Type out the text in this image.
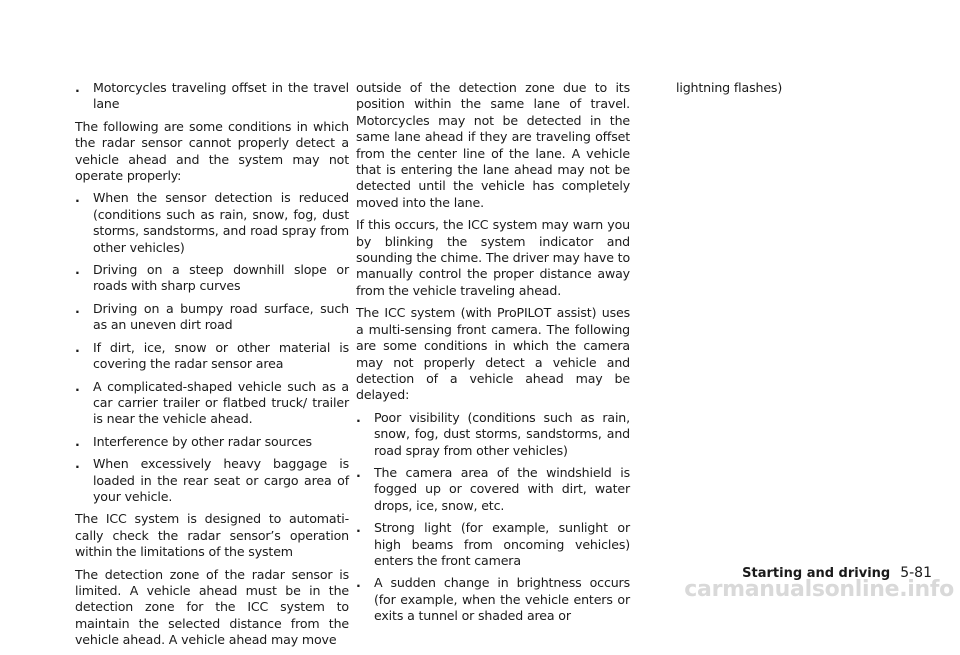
.	Motorcycles traveling offset in the travel lane

The following are some conditions in which the radar sensor cannot properly detect a vehicle ahead and the system may not operate properly:

.	When the sensor detection is reduced (conditions such as rain, snow, fog, dust storms, sandstorms, and road spray from other vehicles)
.	Driving on a steep downhill slope or roads with sharp curves
.	Driving on a bumpy road surface, such as an uneven dirt road
.	If dirt, ice, snow or other material is covering the radar sensor area
.	A complicated-shaped vehicle such as a car carrier trailer or flatbed truck/ trailer is near the vehicle ahead.
.	Interference by other radar sources
.	When excessively heavy baggage is loaded in the rear seat or cargo area of your vehicle.

The ICC system is designed to automati-cally check the radar sensor’s operation within the limitations of the system

The detection zone of the radar sensor is limited. A vehicle ahead must be in the detection zone for the ICC system to maintain the selected distance from the vehicle ahead. A vehicle ahead may move

outside of the detection zone due to its position within the same lane of travel. Motorcycles may not be detected in the same lane ahead if they are traveling offset from the center line of the lane. A vehicle that is entering the lane ahead may not be detected until the vehicle has completely moved into the lane.

If this occurs, the ICC system may warn you by blinking the system indicator and sounding the chime. The driver may have to manually control the proper distance away from the vehicle traveling ahead.

The ICC system (with ProPILOT assist) uses a multi-sensing front camera. The following are some conditions in which the camera may not properly detect a vehicle and detection of a vehicle ahead may be delayed:

.	Poor visibility (conditions such as rain, snow, fog, dust storms, sandstorms, and road spray from other vehicles)
.	The camera area of the windshield is fogged up or covered with dirt, water drops, ice, snow, etc.
.	Strong light (for example, sunlight or high beams from oncoming vehicles) enters the front camera
.	A sudden change in brightness occurs (for example, when the vehicle enters or exits a tunnel or shaded area or

lightning flashes)

Starting and driving 5-81
carmanualsonline.info
